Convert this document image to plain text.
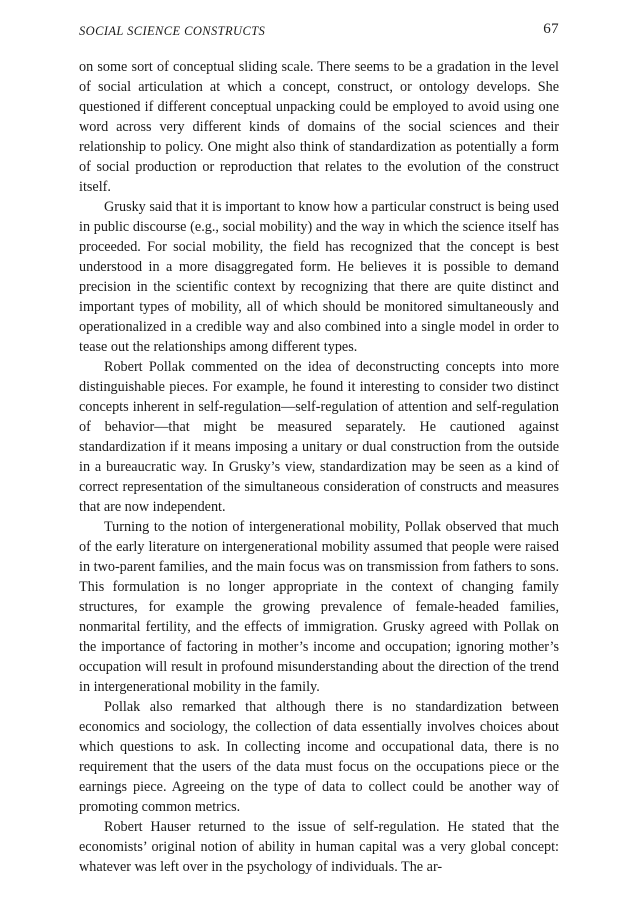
SOCIAL SCIENCE CONSTRUCTS	67

on some sort of conceptual sliding scale. There seems to be a gradation in the level of social articulation at which a concept, construct, or ontology develops. She questioned if different conceptual unpacking could be employed to avoid using one word across very different kinds of domains of the social sciences and their relationship to policy. One might also think of standardization as potentially a form of social production or reproduction that relates to the evolution of the construct itself.

Grusky said that it is important to know how a particular construct is being used in public discourse (e.g., social mobility) and the way in which the science itself has proceeded. For social mobility, the field has recognized that the concept is best understood in a more disaggregated form. He believes it is possible to demand precision in the scientific context by recognizing that there are quite distinct and important types of mobility, all of which should be monitored simultaneously and operationalized in a credible way and also combined into a single model in order to tease out the relationships among different types.

Robert Pollak commented on the idea of deconstructing concepts into more distinguishable pieces. For example, he found it interesting to consider two distinct concepts inherent in self-regulation—self-regulation of attention and self-regulation of behavior—that might be measured separately. He cautioned against standardization if it means imposing a unitary or dual construction from the outside in a bureaucratic way. In Grusky’s view, standardization may be seen as a kind of correct representation of the simultaneous consideration of constructs and measures that are now independent.

Turning to the notion of intergenerational mobility, Pollak observed that much of the early literature on intergenerational mobility assumed that people were raised in two-parent families, and the main focus was on transmission from fathers to sons. This formulation is no longer appropriate in the context of changing family structures, for example the growing prevalence of female-headed families, nonmarital fertility, and the effects of immigration. Grusky agreed with Pollak on the importance of factoring in mother’s income and occupation; ignoring mother’s occupation will result in profound misunderstanding about the direction of the trend in intergenerational mobility in the family.

Pollak also remarked that although there is no standardization between economics and sociology, the collection of data essentially involves choices about which questions to ask. In collecting income and occupational data, there is no requirement that the users of the data must focus on the occupations piece or the earnings piece. Agreeing on the type of data to collect could be another way of promoting common metrics.

Robert Hauser returned to the issue of self-regulation. He stated that the economists’ original notion of ability in human capital was a very global concept: whatever was left over in the psychology of individuals. The ar-
